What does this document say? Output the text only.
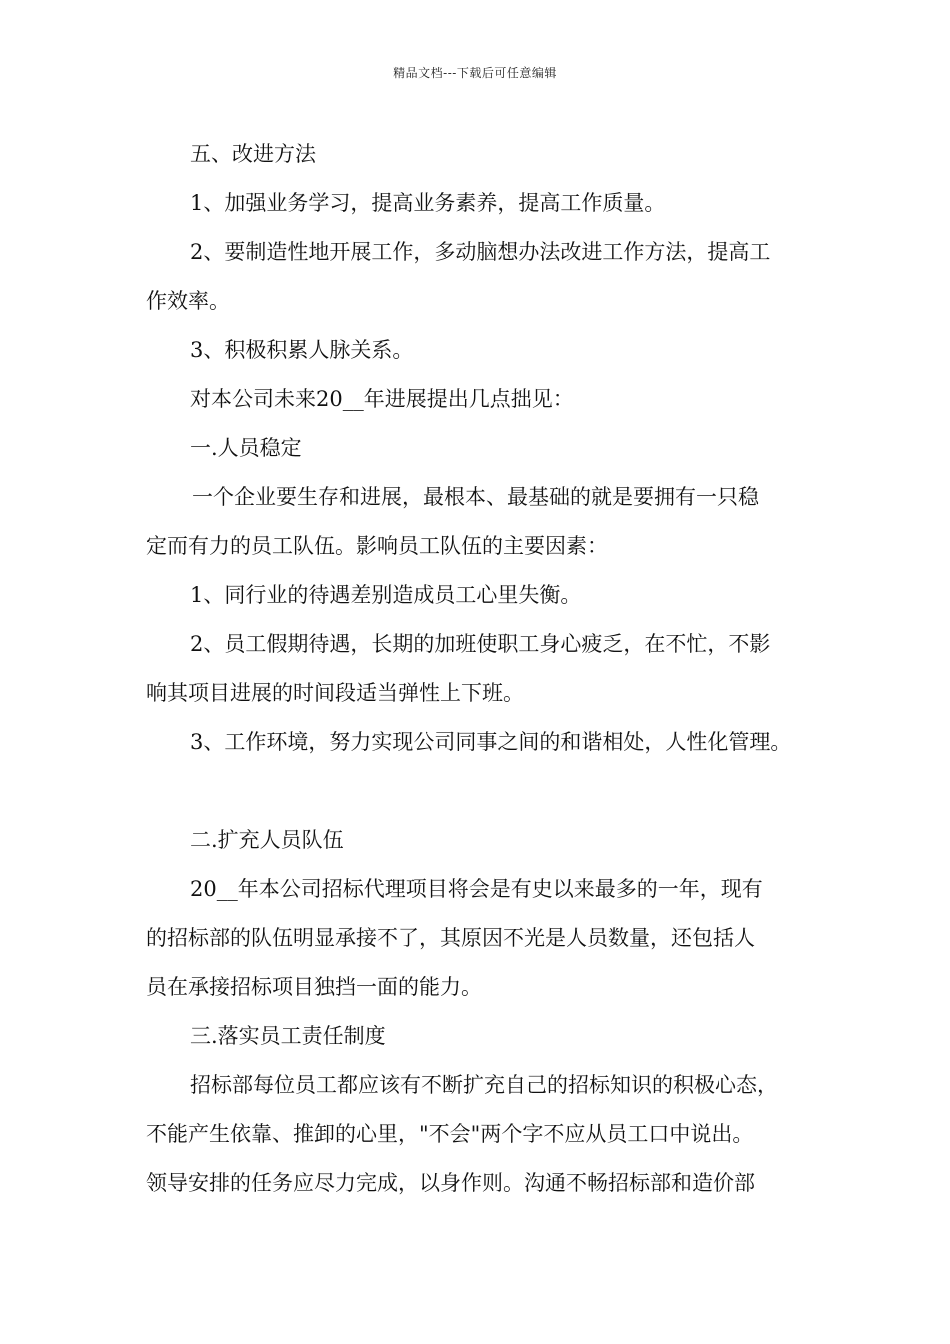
精品文档---下载后可任意编辑

五、改进方法

1、加强业务学习，提高业务素养，提高工作质量。

2、要制造性地开展工作，多动脑想办法改进工作方法，提高工
作效率。

3、积极积累人脉关系。

对本公司未来20__年进展提出几点拙见：

一.人员稳定

一个企业要生存和进展，最根本、最基础的就是要拥有一只稳
定而有力的员工队伍。影响员工队伍的主要因素：

1、同行业的待遇差别造成员工心里失衡。

2、员工假期待遇，长期的加班使职工身心疲乏，在不忙，不影
响其项目进展的时间段适当弹性上下班。

3、工作环境，努力实现公司同事之间的和谐相处，人性化管理。

二.扩充人员队伍

20__年本公司招标代理项目将会是有史以来最多的一年，现有
的招标部的队伍明显承接不了，其原因不光是人员数量，还包括人
员在承接招标项目独挡一面的能力。

三.落实员工责任制度

招标部每位员工都应该有不断扩充自己的招标知识的积极心态，
不能产生依靠、推卸的心里，"不会"两个字不应从员工口中说出。
领导安排的任务应尽力完成，以身作则。沟通不畅招标部和造价部
